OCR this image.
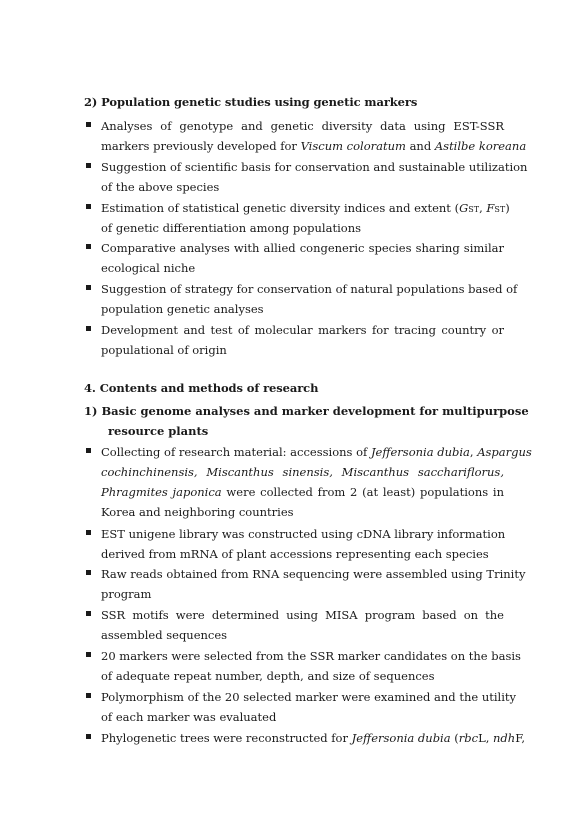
2) Population genetic studies using genetic markers
Analyses of genotype and genetic diversity data using EST-SSR
markers previously developed for Viscum coloratum and Astilbe koreana
Suggestion of scientific basis for conservation and sustainable utilization
of the above species
Estimation of statistical genetic diversity indices and extent (GST, FST)
of genetic differentiation among populations
Comparative analyses with allied congeneric species sharing similar
ecological niche
Suggestion of strategy for conservation of natural populations based of
population genetic analyses
Development and test of molecular markers for tracing country or
populational of origin
4. Contents and methods of research
1) Basic genome analyses and marker development for multipurpose
resource plants
Collecting of research material: accessions of Jeffersonia dubia, Aspargus
cochinchinensis, Miscanthus sinensis, Miscanthus sacchariflorus,
Phragmites japonica were collected from 2 (at least) populations in
Korea and neighboring countries
EST unigene library was constructed using cDNA library information
derived from mRNA of plant accessions representing each species
Raw reads obtained from RNA sequencing were assembled using Trinity
program
SSR motifs were determined using MISA program based on the
assembled sequences
20 markers were selected from the SSR marker candidates on the basis
of adequate repeat number, depth, and size of sequences
Polymorphism of the 20 selected marker were examined and the utility
of each marker was evaluated
Phylogenetic trees were reconstructed for Jeffersonia dubia (rbcL, ndhF,
